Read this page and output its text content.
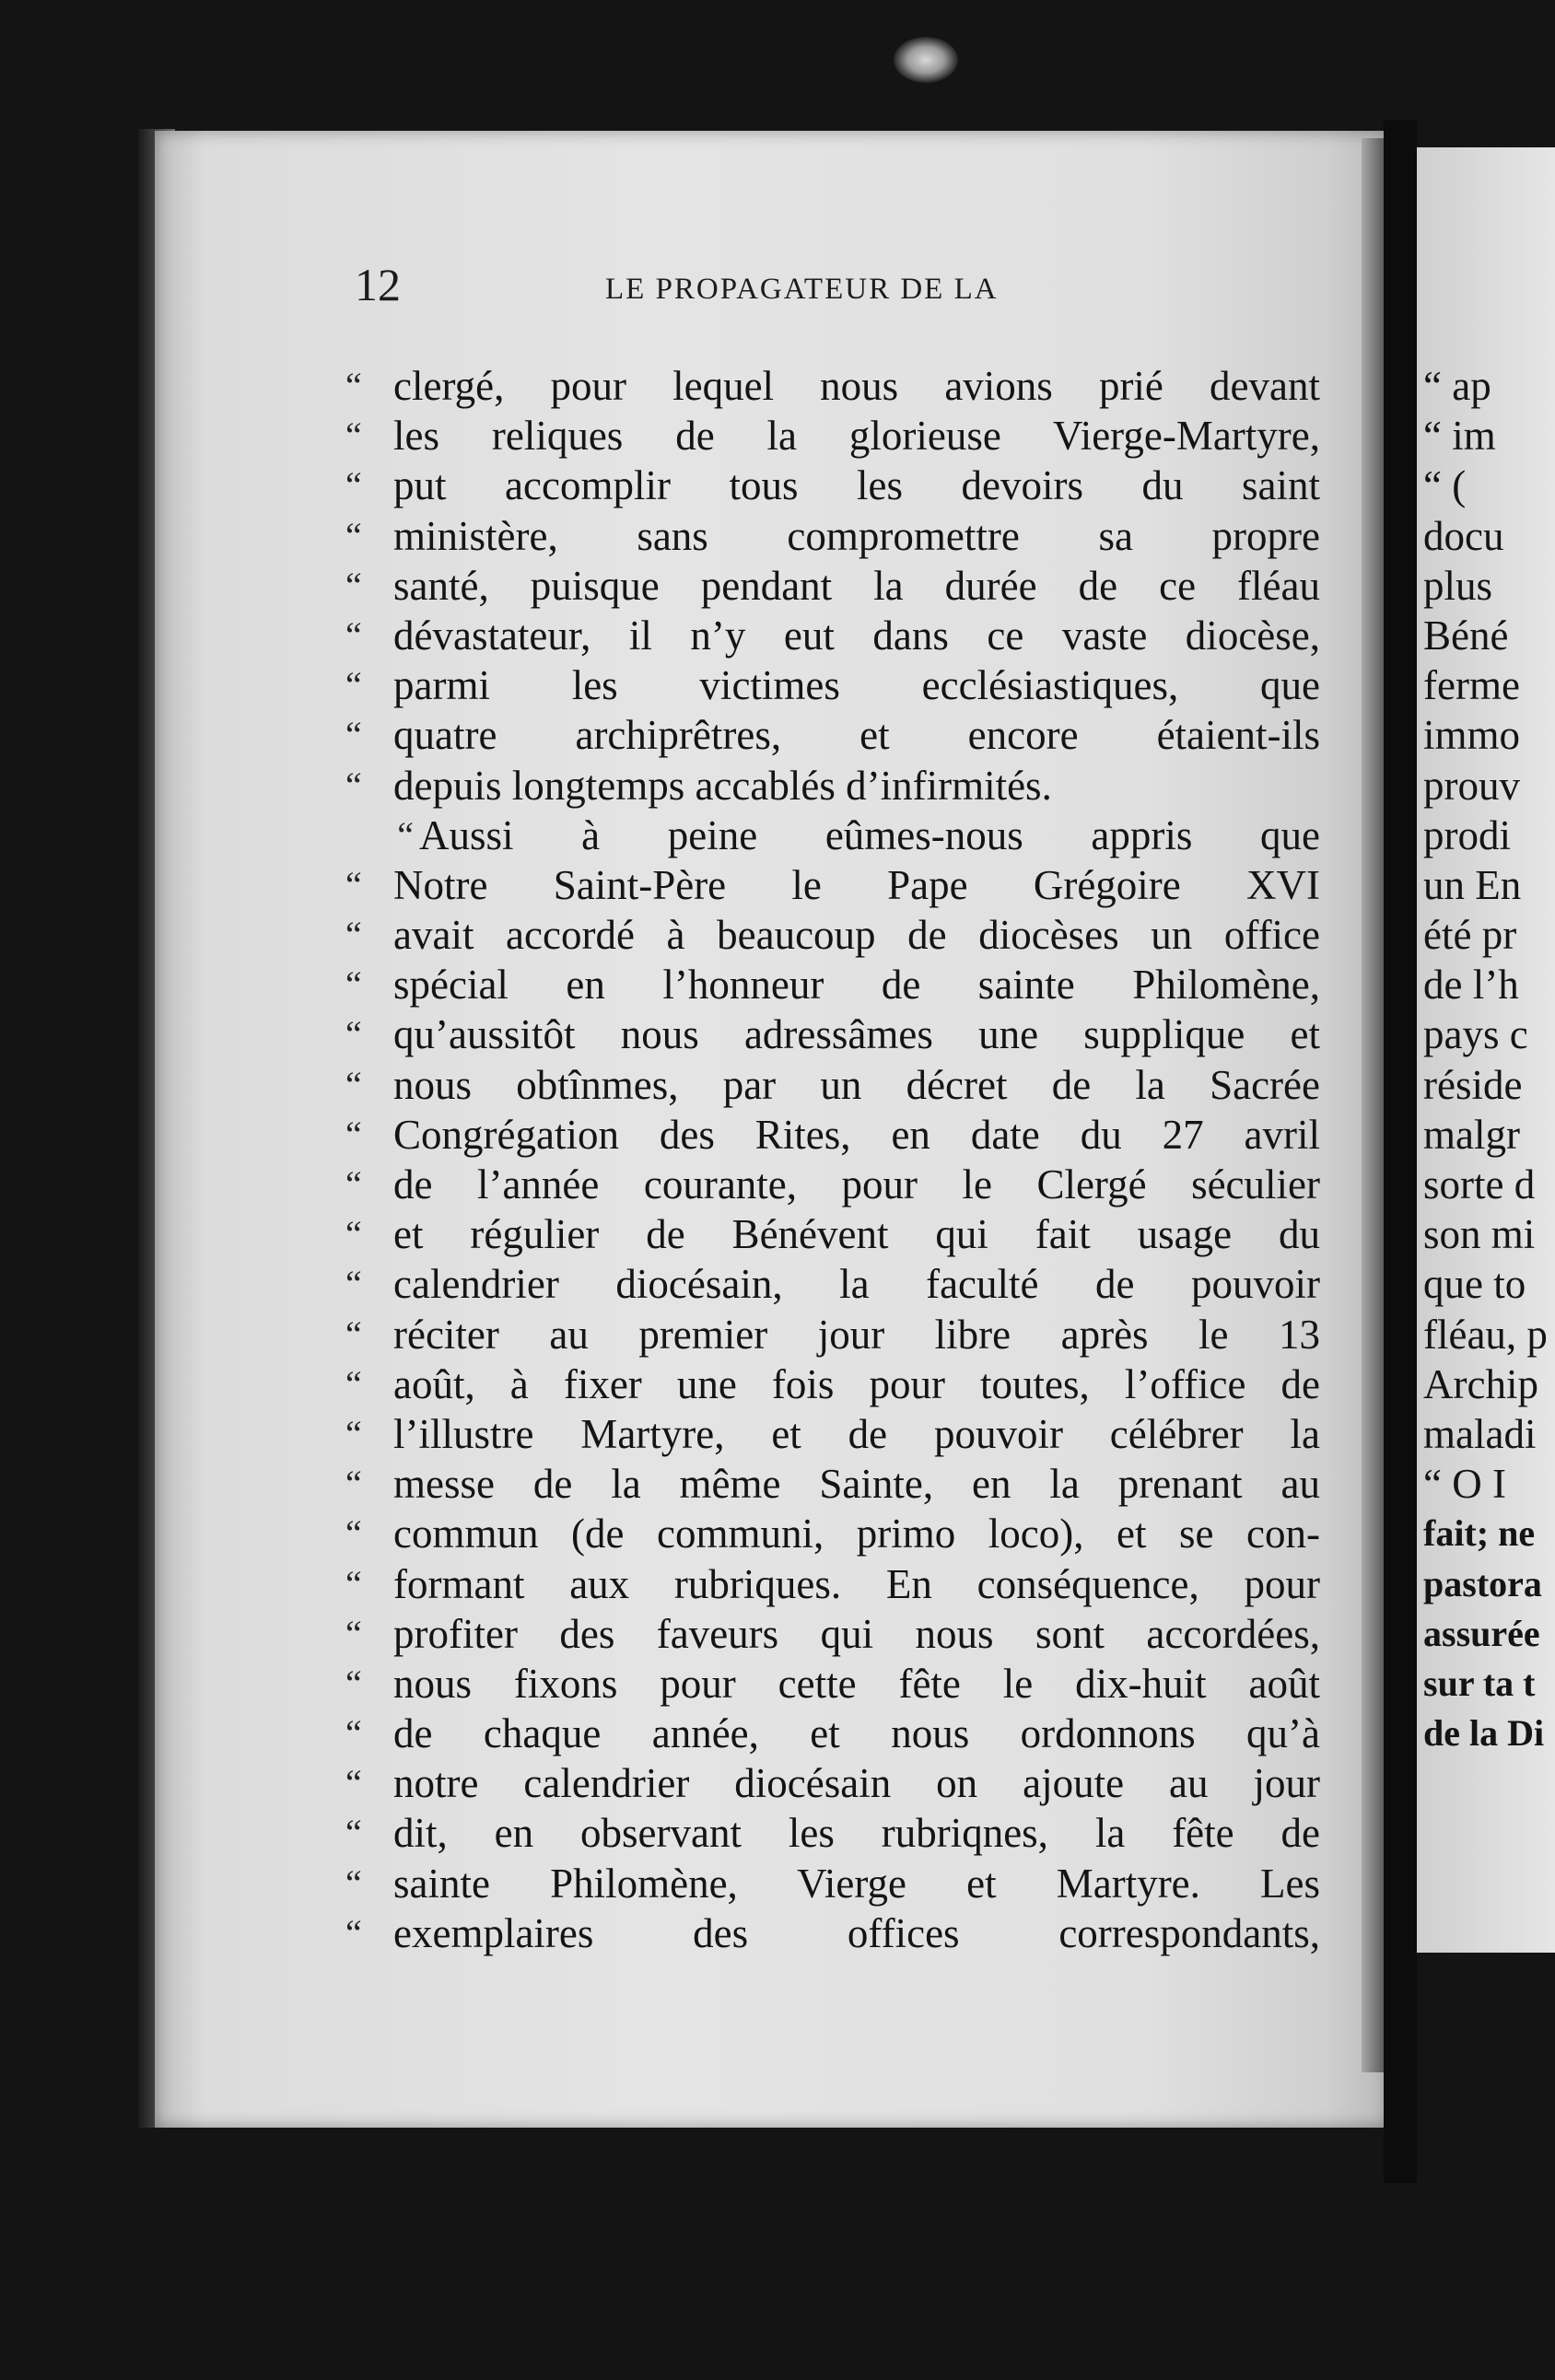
12	LE PROPAGATEUR DE LA
“ clergé, pour lequel nous avions prié devant
“ les reliques de la glorieuse Vierge-Martyre,
“ put accomplir tous les devoirs du saint
“ ministère, sans compromettre sa propre
“ santé, puisque pendant la durée de ce fléau
“ dévastateur, il n’y eut dans ce vaste diocèse,
“ parmi les victimes ecclésiastiques, que
“ quatre archiprêtres, et encore étaient-ils
“ depuis longtemps accablés d’infirmités.
“ Aussi à peine eûmes-nous appris que
“ Notre Saint-Père le Pape Grégoire XVI
“ avait accordé à beaucoup de diocèses un office
“ spécial en l’honneur de sainte Philomène,
“ qu’aussitôt nous adressâmes une supplique et
“ nous obtînmes, par un décret de la Sacrée
“ Congrégation des Rites, en date du 27 avril
“ de l’année courante, pour le Clergé séculier
“ et régulier de Bénévent qui fait usage du
“ calendrier diocésain, la faculté de pouvoir
“ réciter au premier jour libre après le 13
“ août, à fixer une fois pour toutes, l’office de
“ l’illustre Martyre, et de pouvoir célébrer la
“ messe de la même Sainte, en la prenant au
“ commun (de communi, primo loco), et se con-
“ formant aux rubriques. En conséquence, pour
“ profiter des faveurs qui nous sont accordées,
“ nous fixons pour cette fête le dix-huit août
“ de chaque année, et nous ordonnons qu’à
“ notre calendrier diocésain on ajoute au jour
“ dit, en observant les rubriqnes, la fête de
“ sainte Philomène, Vierge et Martyre. Les
“ exemplaires des offices correspondants,
“ ap
“ im
“ (
docu
plus
Béné
ferme
immo
prouv
prodi
un En
été pr
de l’h
pays c
réside
malgr
sorte d
son mi
que to
fléau, p
Archip
maladi
“ O I
fait; ne
pastora
assurée
sur ta t
de la Di
